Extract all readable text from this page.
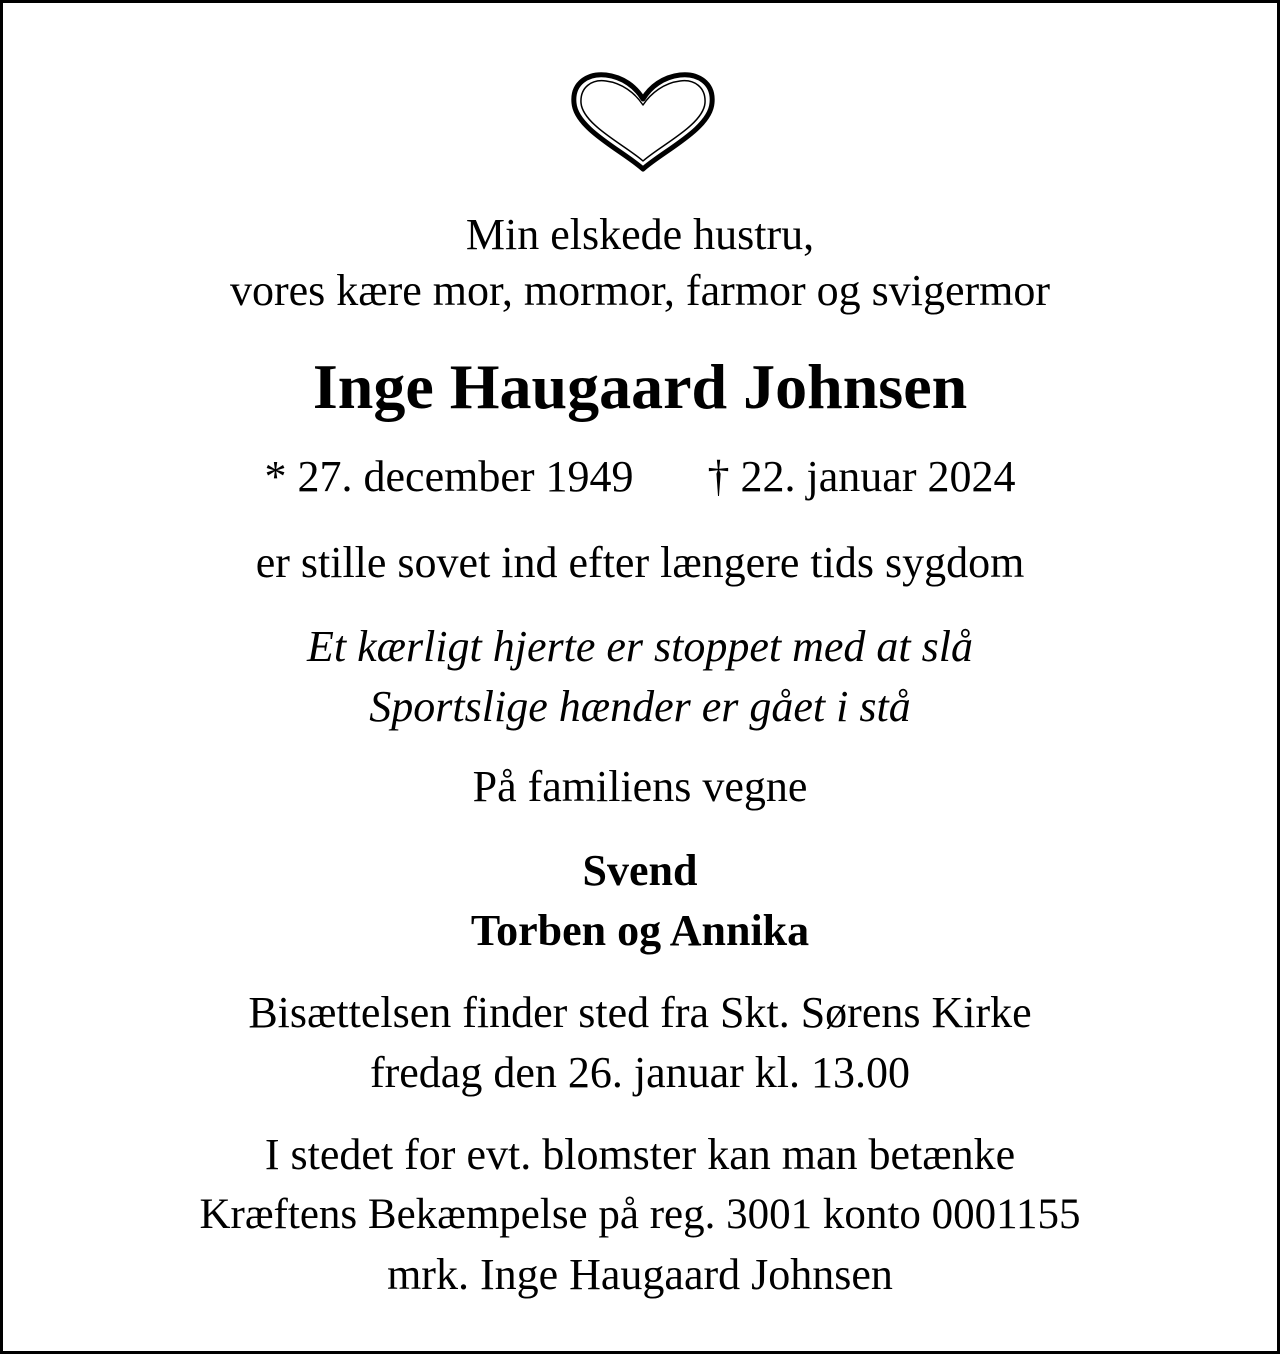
Min elskede hustru,
vores kære mor, mormor, farmor og svigermor
Inge Haugaard Johnsen
* 27. december 1949 † 22. januar 2024
er stille sovet ind efter længere tids sygdom
Et kærligt hjerte er stoppet med at slå
Sportslige hænder er gået i stå
På familiens vegne
Svend
Torben og Annika
Bisættelsen finder sted fra Skt. Sørens Kirke
fredag den 26. januar kl. 13.00
I stedet for evt. blomster kan man betænke
Kræftens Bekæmpelse på reg. 3001 konto 0001155
mrk. Inge Haugaard Johnsen
